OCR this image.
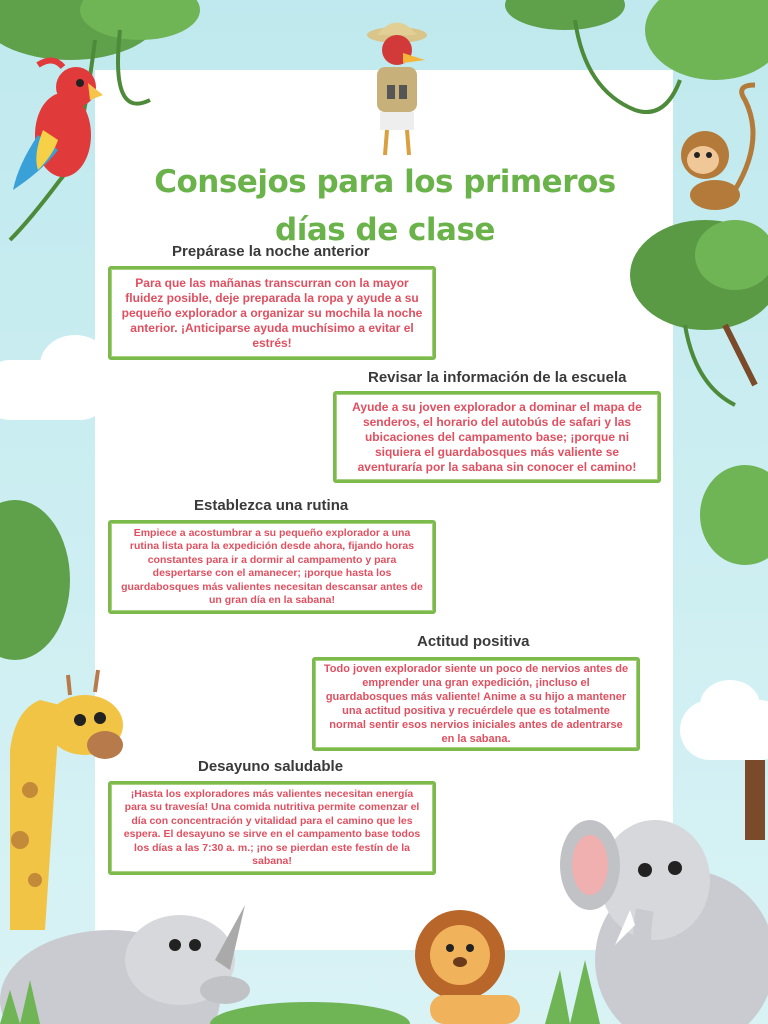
Consejos para los primeros días de clase
Prepárase la noche anterior
Para que las mañanas transcurran con la mayor fluidez posible, deje preparada la ropa y ayude a su pequeño explorador a organizar su mochila la noche anterior. ¡Anticiparse ayuda muchísimo a evitar el estrés!
Revisar la información de la escuela
Ayude a su joven explorador a dominar el mapa de senderos, el horario del autobús de safari y las ubicaciones del campamento base; ¡porque ni siquiera el guardabosques más valiente se aventuraría por la sabana sin conocer el camino!
Establezca una rutina
Empiece a acostumbrar a su pequeño explorador a una rutina lista para la expedición desde ahora, fijando horas constantes para ir a dormir al campamento y para despertarse con el amanecer; ¡porque hasta los guardabosques más valientes necesitan descansar antes de un gran día en la sabana!
Actitud positiva
Todo joven explorador siente un poco de nervios antes de emprender una gran expedición, ¡incluso el guardabosques más valiente! Anime a su hijo a mantener una actitud positiva y recuérdele que es totalmente normal sentir esos nervios iniciales antes de adentrarse en la sabana.
Desayuno saludable
¡Hasta los exploradores más valientes necesitan energía para su travesía! Una comida nutritiva permite comenzar el día con concentración y vitalidad para el camino que les espera. El desayuno se sirve en el campamento base todos los días a las 7:30 a. m.; ¡no se pierdan este festín de la sabana!
